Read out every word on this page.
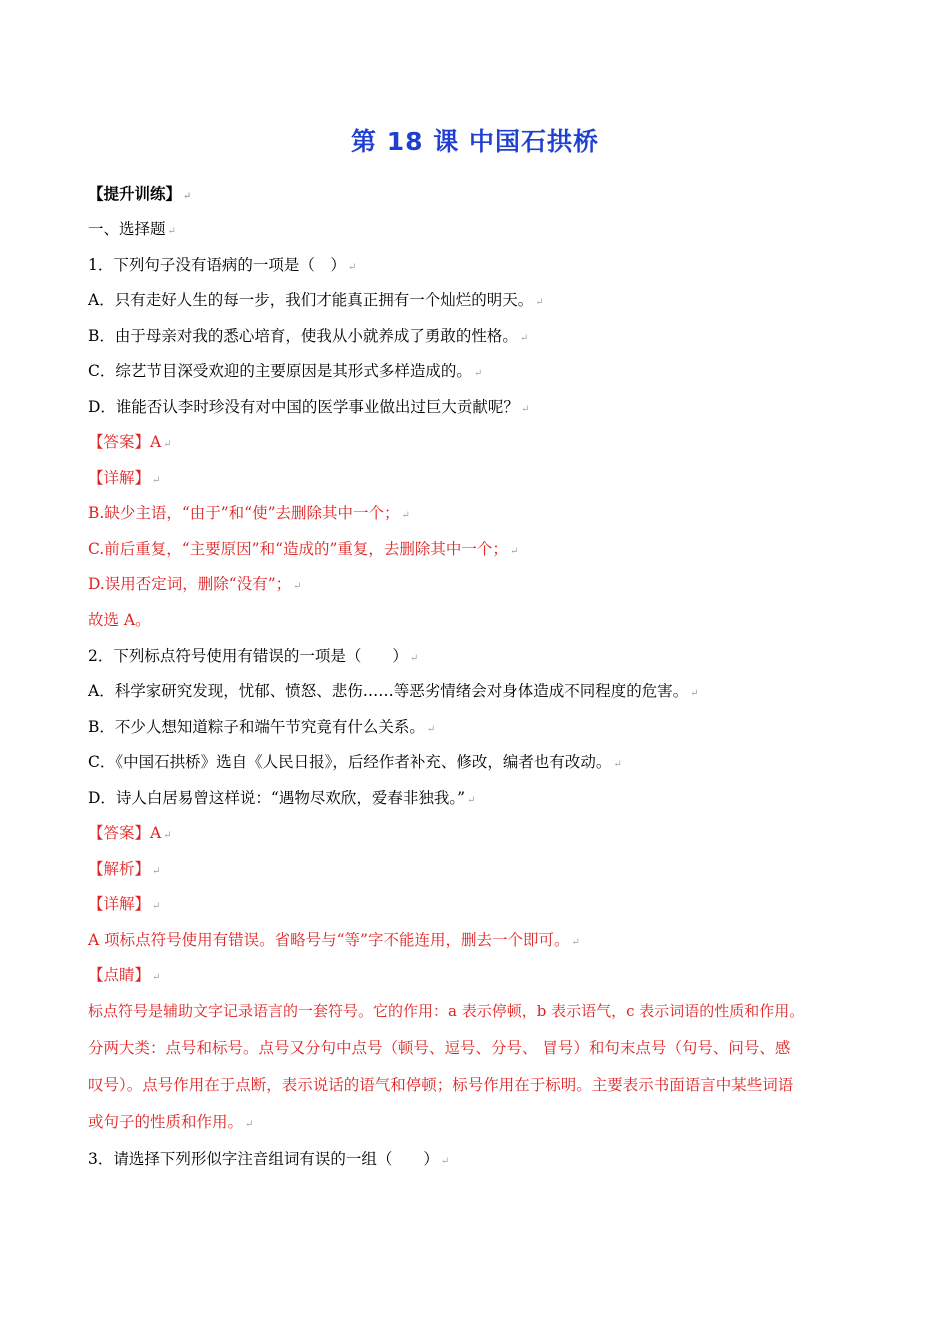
第 18 课 中国石拱桥
【提升训练】 ↵
一、选择题 ↵
1．下列句子没有语病的一项是（　） ↵
A．只有走好人生的每一步，我们才能真正拥有一个灿烂的明天。 ↵
B．由于母亲对我的悉心培育，使我从小就养成了勇敢的性格。 ↵
C．综艺节目深受欢迎的主要原因是其形式多样造成的。 ↵
D．谁能否认李时珍没有对中国的医学事业做出过巨大贡献呢？ ↵
【答案】A ↵
【详解】 ↵
B.缺少主语，“由于”和“使”去删除其中一个； ↵
C.前后重复，“主要原因”和“造成的”重复，去删除其中一个； ↵
D.误用否定词，删除“没有”； ↵
故选 A。
2．下列标点符号使用有错误的一项是（　　） ↵
A．科学家研究发现，忧郁、愤怒、悲伤……等恶劣情绪会对身体造成不同程度的危害。 ↵
B．不少人想知道粽子和端午节究竟有什么关系。 ↵
C．《中国石拱桥》选自《人民日报》，后经作者补充、修改，编者也有改动。 ↵
D．诗人白居易曾这样说：“遇物尽欢欣，爱春非独我。” ↵
【答案】A ↵
【解析】 ↵
【详解】 ↵
A 项标点符号使用有错误。省略号与“等”字不能连用，删去一个即可。 ↵
【点睛】 ↵
标点符号是辅助文字记录语言的一套符号。它的作用：a 表示停顿，b 表示语气，c 表示词语的性质和作用。
分两大类：点号和标号。点号又分句中点号（顿号、逗号、分号、 冒号）和句末点号（句号、问号、感
叹号）。点号作用在于点断，表示说话的语气和停顿；标号作用在于标明。主要表示书面语言中某些词语
或句子的性质和作用。 ↵
3．请选择下列形似字注音组词有误的一组（　　） ↵
